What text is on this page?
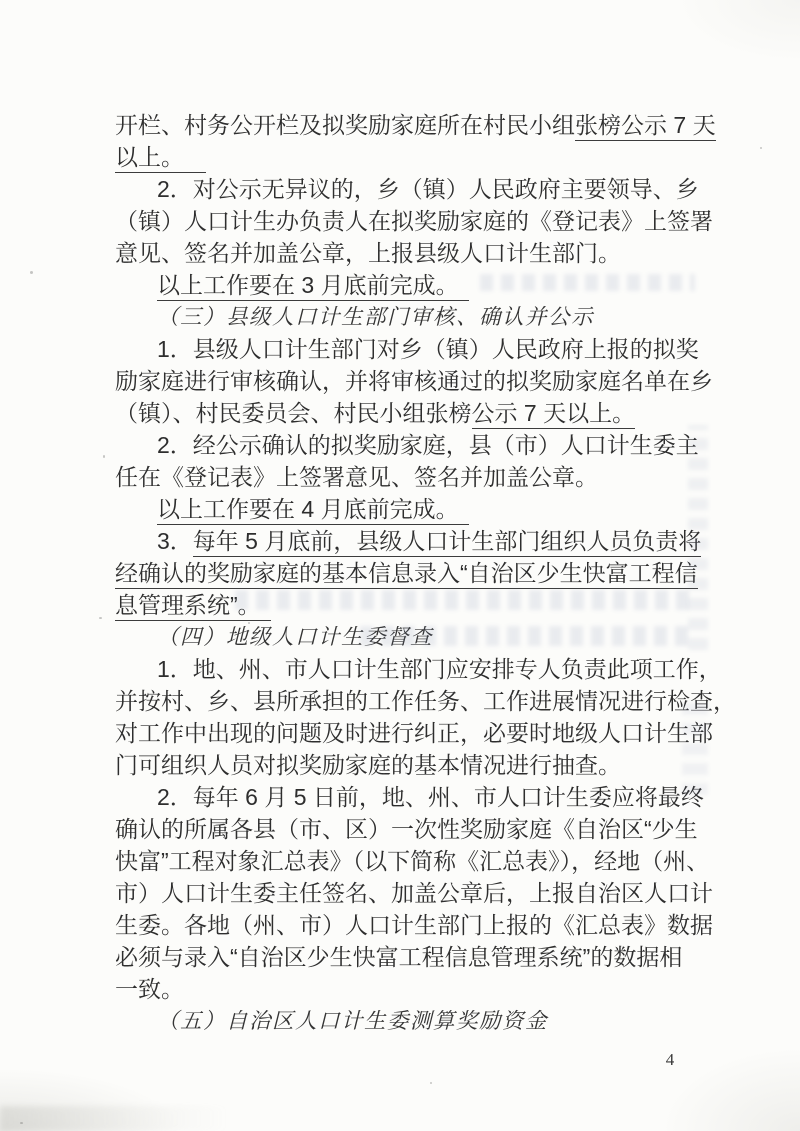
开栏、村务公开栏及拟奖励家庭所在村民小组张榜公示 7 天
以上。
2．对公示无异议的，乡（镇）人民政府主要领导、乡
（镇）人口计生办负责人在拟奖励家庭的《登记表》上签署
意见、签名并加盖公章，上报县级人口计生部门。
以上工作要在 3 月底前完成。
（三）县级人口计生部门审核、确认并公示
1．县级人口计生部门对乡（镇）人民政府上报的拟奖
励家庭进行审核确认，并将审核通过的拟奖励家庭名单在乡
（镇）、村民委员会、村民小组张榜公示 7 天以上。
2．经公示确认的拟奖励家庭，县（市）人口计生委主
任在《登记表》上签署意见、签名并加盖公章。
以上工作要在 4 月底前完成。
3．每年 5 月底前，县级人口计生部门组织人员负责将
经确认的奖励家庭的基本信息录入“自治区少生快富工程信
息管理系统”。
（四）地级人口计生委督查
1．地、州、市人口计生部门应安排专人负责此项工作，
并按村、乡、县所承担的工作任务、工作进展情况进行检查，
对工作中出现的问题及时进行纠正，必要时地级人口计生部
门可组织人员对拟奖励家庭的基本情况进行抽查。
2．每年 6 月 5 日前，地、州、市人口计生委应将最终
确认的所属各县（市、区）一次性奖励家庭《自治区“少生
快富”工程对象汇总表》（以下简称《汇总表》），经地（州、
市）人口计生委主任签名、加盖公章后，上报自治区人口计
生委。各地（州、市）人口计生部门上报的《汇总表》数据
必须与录入“自治区少生快富工程信息管理系统”的数据相
一致。
（五）自治区人口计生委测算奖励资金
4
